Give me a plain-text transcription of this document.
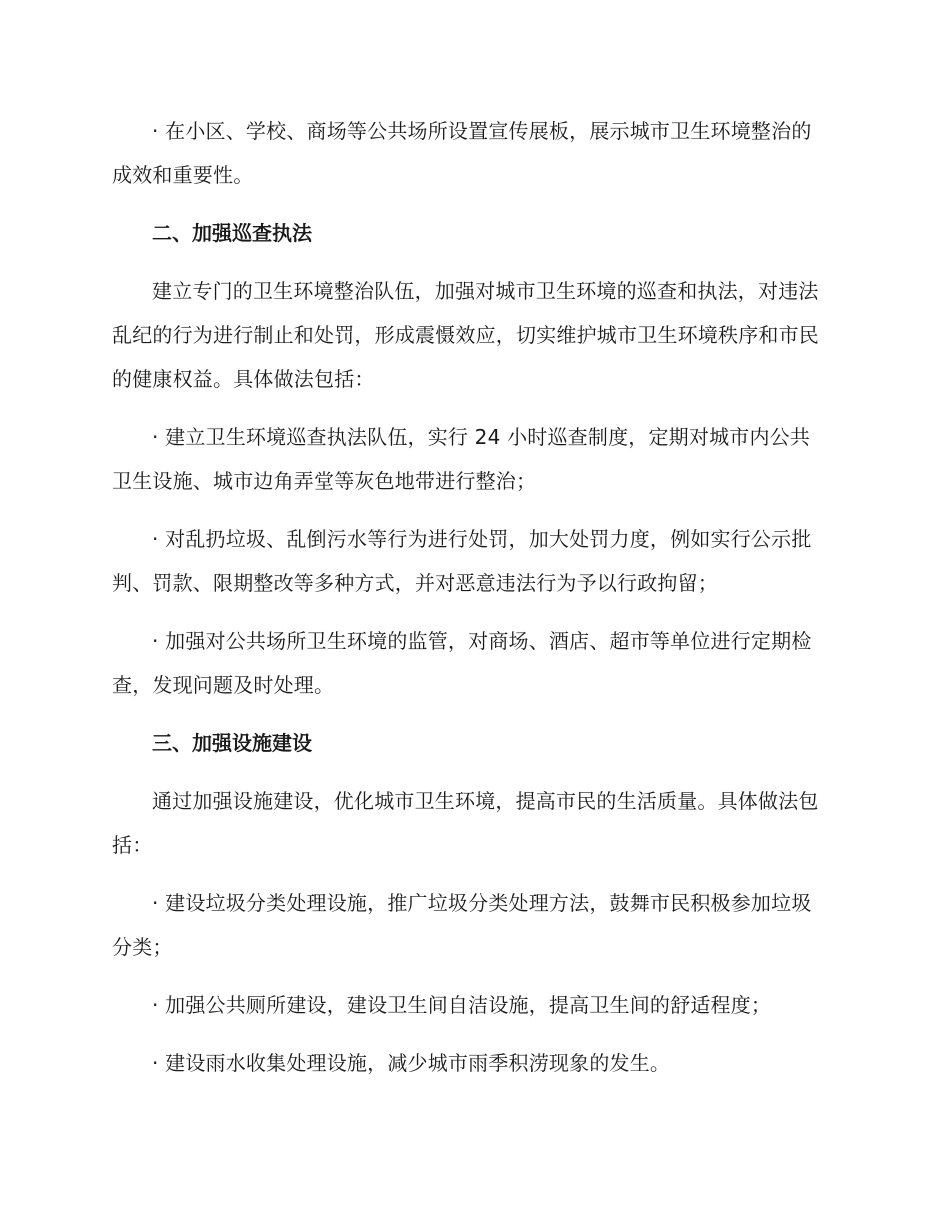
· 在小区、学校、商场等公共场所设置宣传展板，展示城市卫生环境整治的成效和重要性。

二、加强巡查执法

建立专门的卫生环境整治队伍，加强对城市卫生环境的巡查和执法，对违法乱纪的行为进行制止和处罚，形成震慑效应，切实维护城市卫生环境秩序和市民的健康权益。具体做法包括：

· 建立卫生环境巡查执法队伍，实行 24 小时巡查制度，定期对城市内公共卫生设施、城市边角弄堂等灰色地带进行整治；

· 对乱扔垃圾、乱倒污水等行为进行处罚，加大处罚力度，例如实行公示批判、罚款、限期整改等多种方式，并对恶意违法行为予以行政拘留；

· 加强对公共场所卫生环境的监管，对商场、酒店、超市等单位进行定期检查，发现问题及时处理。

三、加强设施建设

通过加强设施建设，优化城市卫生环境，提高市民的生活质量。具体做法包括：

· 建设垃圾分类处理设施，推广垃圾分类处理方法，鼓舞市民积极参加垃圾分类；

· 加强公共厕所建设，建设卫生间自洁设施，提高卫生间的舒适程度；

· 建设雨水收集处理设施，减少城市雨季积涝现象的发生。
